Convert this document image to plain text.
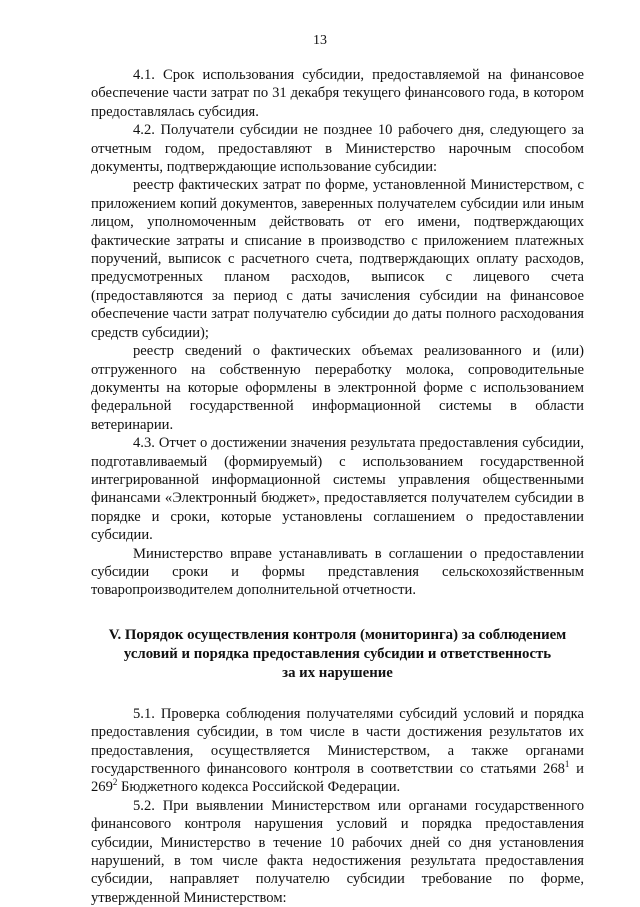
13

4.1. Срок использования субсидии, предоставляемой на финансовое обеспечение части затрат по 31 декабря текущего финансового года, в котором предоставлялась субсидия.

4.2. Получатели субсидии не позднее 10 рабочего дня, следующего за отчетным годом, предоставляют в Министерство нарочным способом документы, подтверждающие использование субсидии:

реестр фактических затрат по форме, установленной Министерством, с приложением копий документов, заверенных получателем субсидии или иным лицом, уполномоченным действовать от его имени, подтверждающих фактические затраты и списание в производство с приложением платежных поручений, выписок с расчетного счета, подтверждающих оплату расходов, предусмотренных планом расходов, выписок с лицевого счета (предоставляются за период с даты зачисления субсидии на финансовое обеспечение части затрат получателю субсидии до даты полного расходования средств субсидии);

реестр сведений о фактических объемах реализованного и (или) отгруженного на собственную переработку молока, сопроводительные документы на которые оформлены в электронной форме с использованием федеральной государственной информационной системы в области ветеринарии.

4.3. Отчет о достижении значения результата предоставления субсидии, подготавливаемый (формируемый) с использованием государственной интегрированной информационной системы управления общественными финансами «Электронный бюджет», предоставляется получателем субсидии в порядке и сроки, которые установлены соглашением о предоставлении субсидии.

Министерство вправе устанавливать в соглашении о предоставлении субсидии сроки и формы представления сельскохозяйственным товаропроизводителем дополнительной отчетности.

V. Порядок осуществления контроля (мониторинга) за соблюдением
условий и порядка предоставления субсидии и ответственность
за их нарушение

5.1. Проверка соблюдения получателями субсидий условий и порядка предоставления субсидии, в том числе в части достижения результатов их предоставления, осуществляется Министерством, а также органами государственного финансового контроля в соответствии со статьями $268^1$ и $269^2$ Бюджетного кодекса Российской Федерации.

5.2. При выявлении Министерством или органами государственного финансового контроля нарушения условий и порядка предоставления субсидии, Министерство в течение 10 рабочих дней со дня установления нарушений, в том числе факта недостижения результата предоставления субсидии, направляет получателю субсидии требование по форме, утвержденной Министерством:
